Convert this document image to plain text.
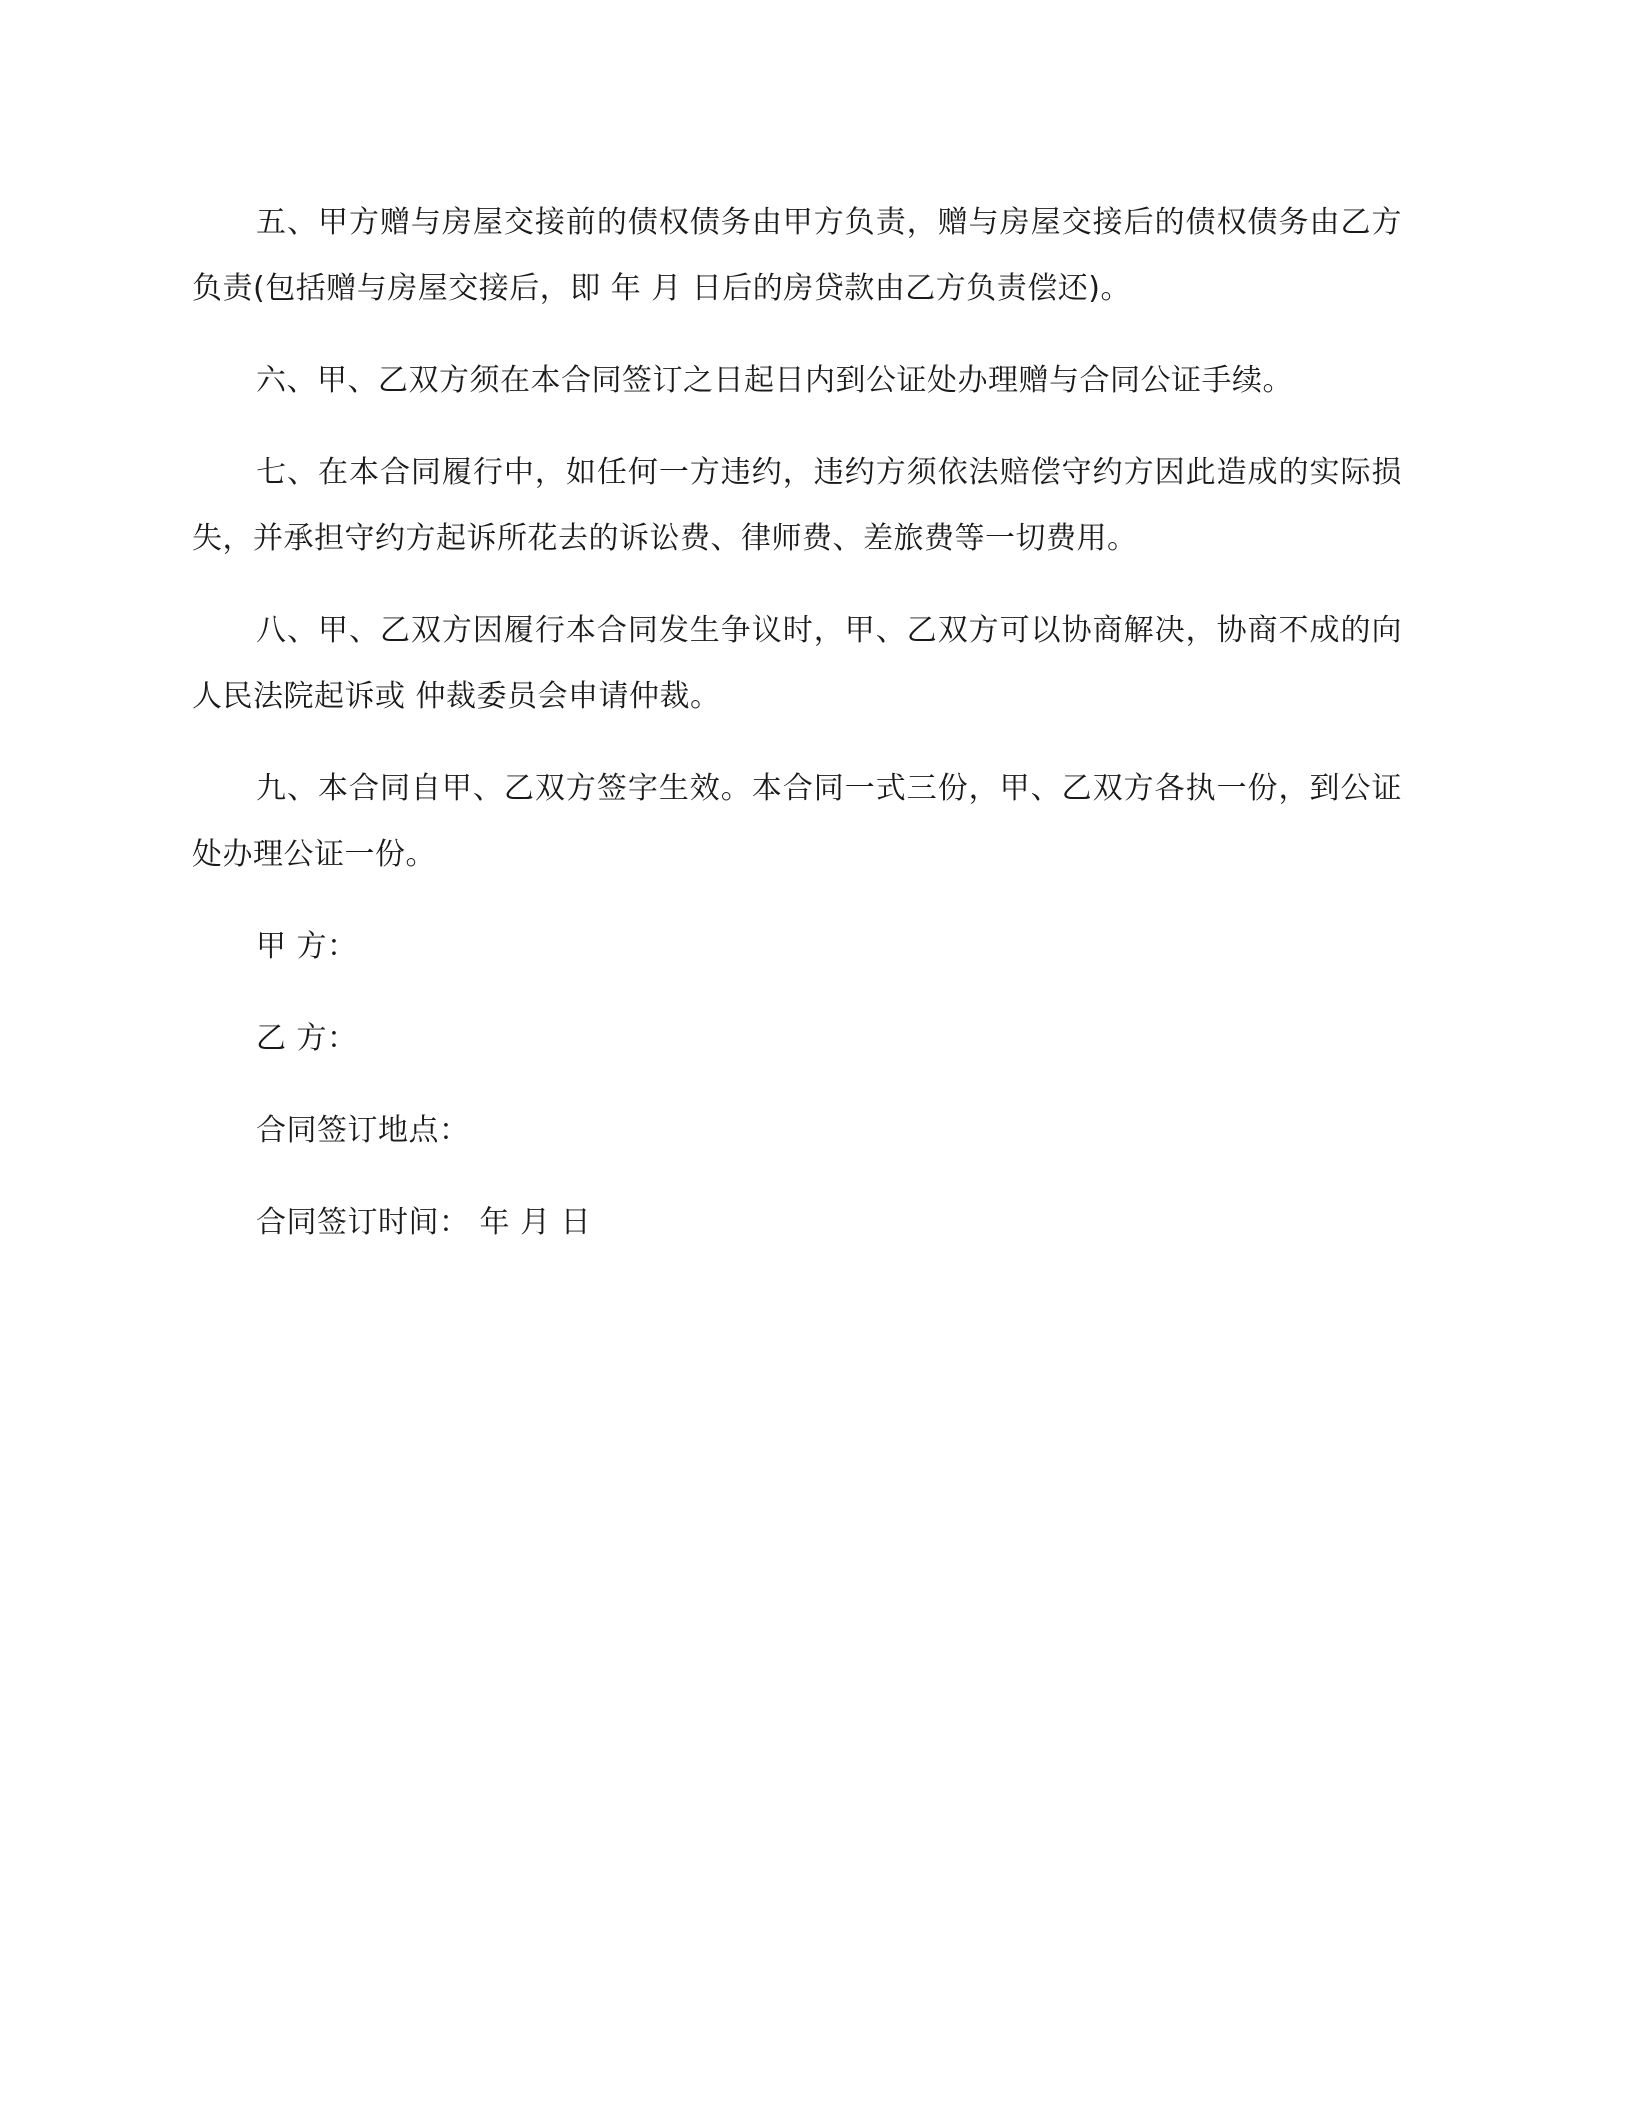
五、甲方赠与房屋交接前的债权债务由甲方负责，赠与房屋交接后的债权债务由乙方负责(包括赠与房屋交接后，即 年 月 日后的房贷款由乙方负责偿还)。

六、甲、乙双方须在本合同签订之日起日内到公证处办理赠与合同公证手续。

七、在本合同履行中，如任何一方违约，违约方须依法赔偿守约方因此造成的实际损失，并承担守约方起诉所花去的诉讼费、律师费、差旅费等一切费用。

八、甲、乙双方因履行本合同发生争议时，甲、乙双方可以协商解决，协商不成的向 人民法院起诉或 仲裁委员会申请仲裁。

九、本合同自甲、乙双方签字生效。本合同一式三份，甲、乙双方各执一份，到公证处办理公证一份。

甲 方：
乙 方：
合同签订地点：
合同签订时间： 年 月 日
